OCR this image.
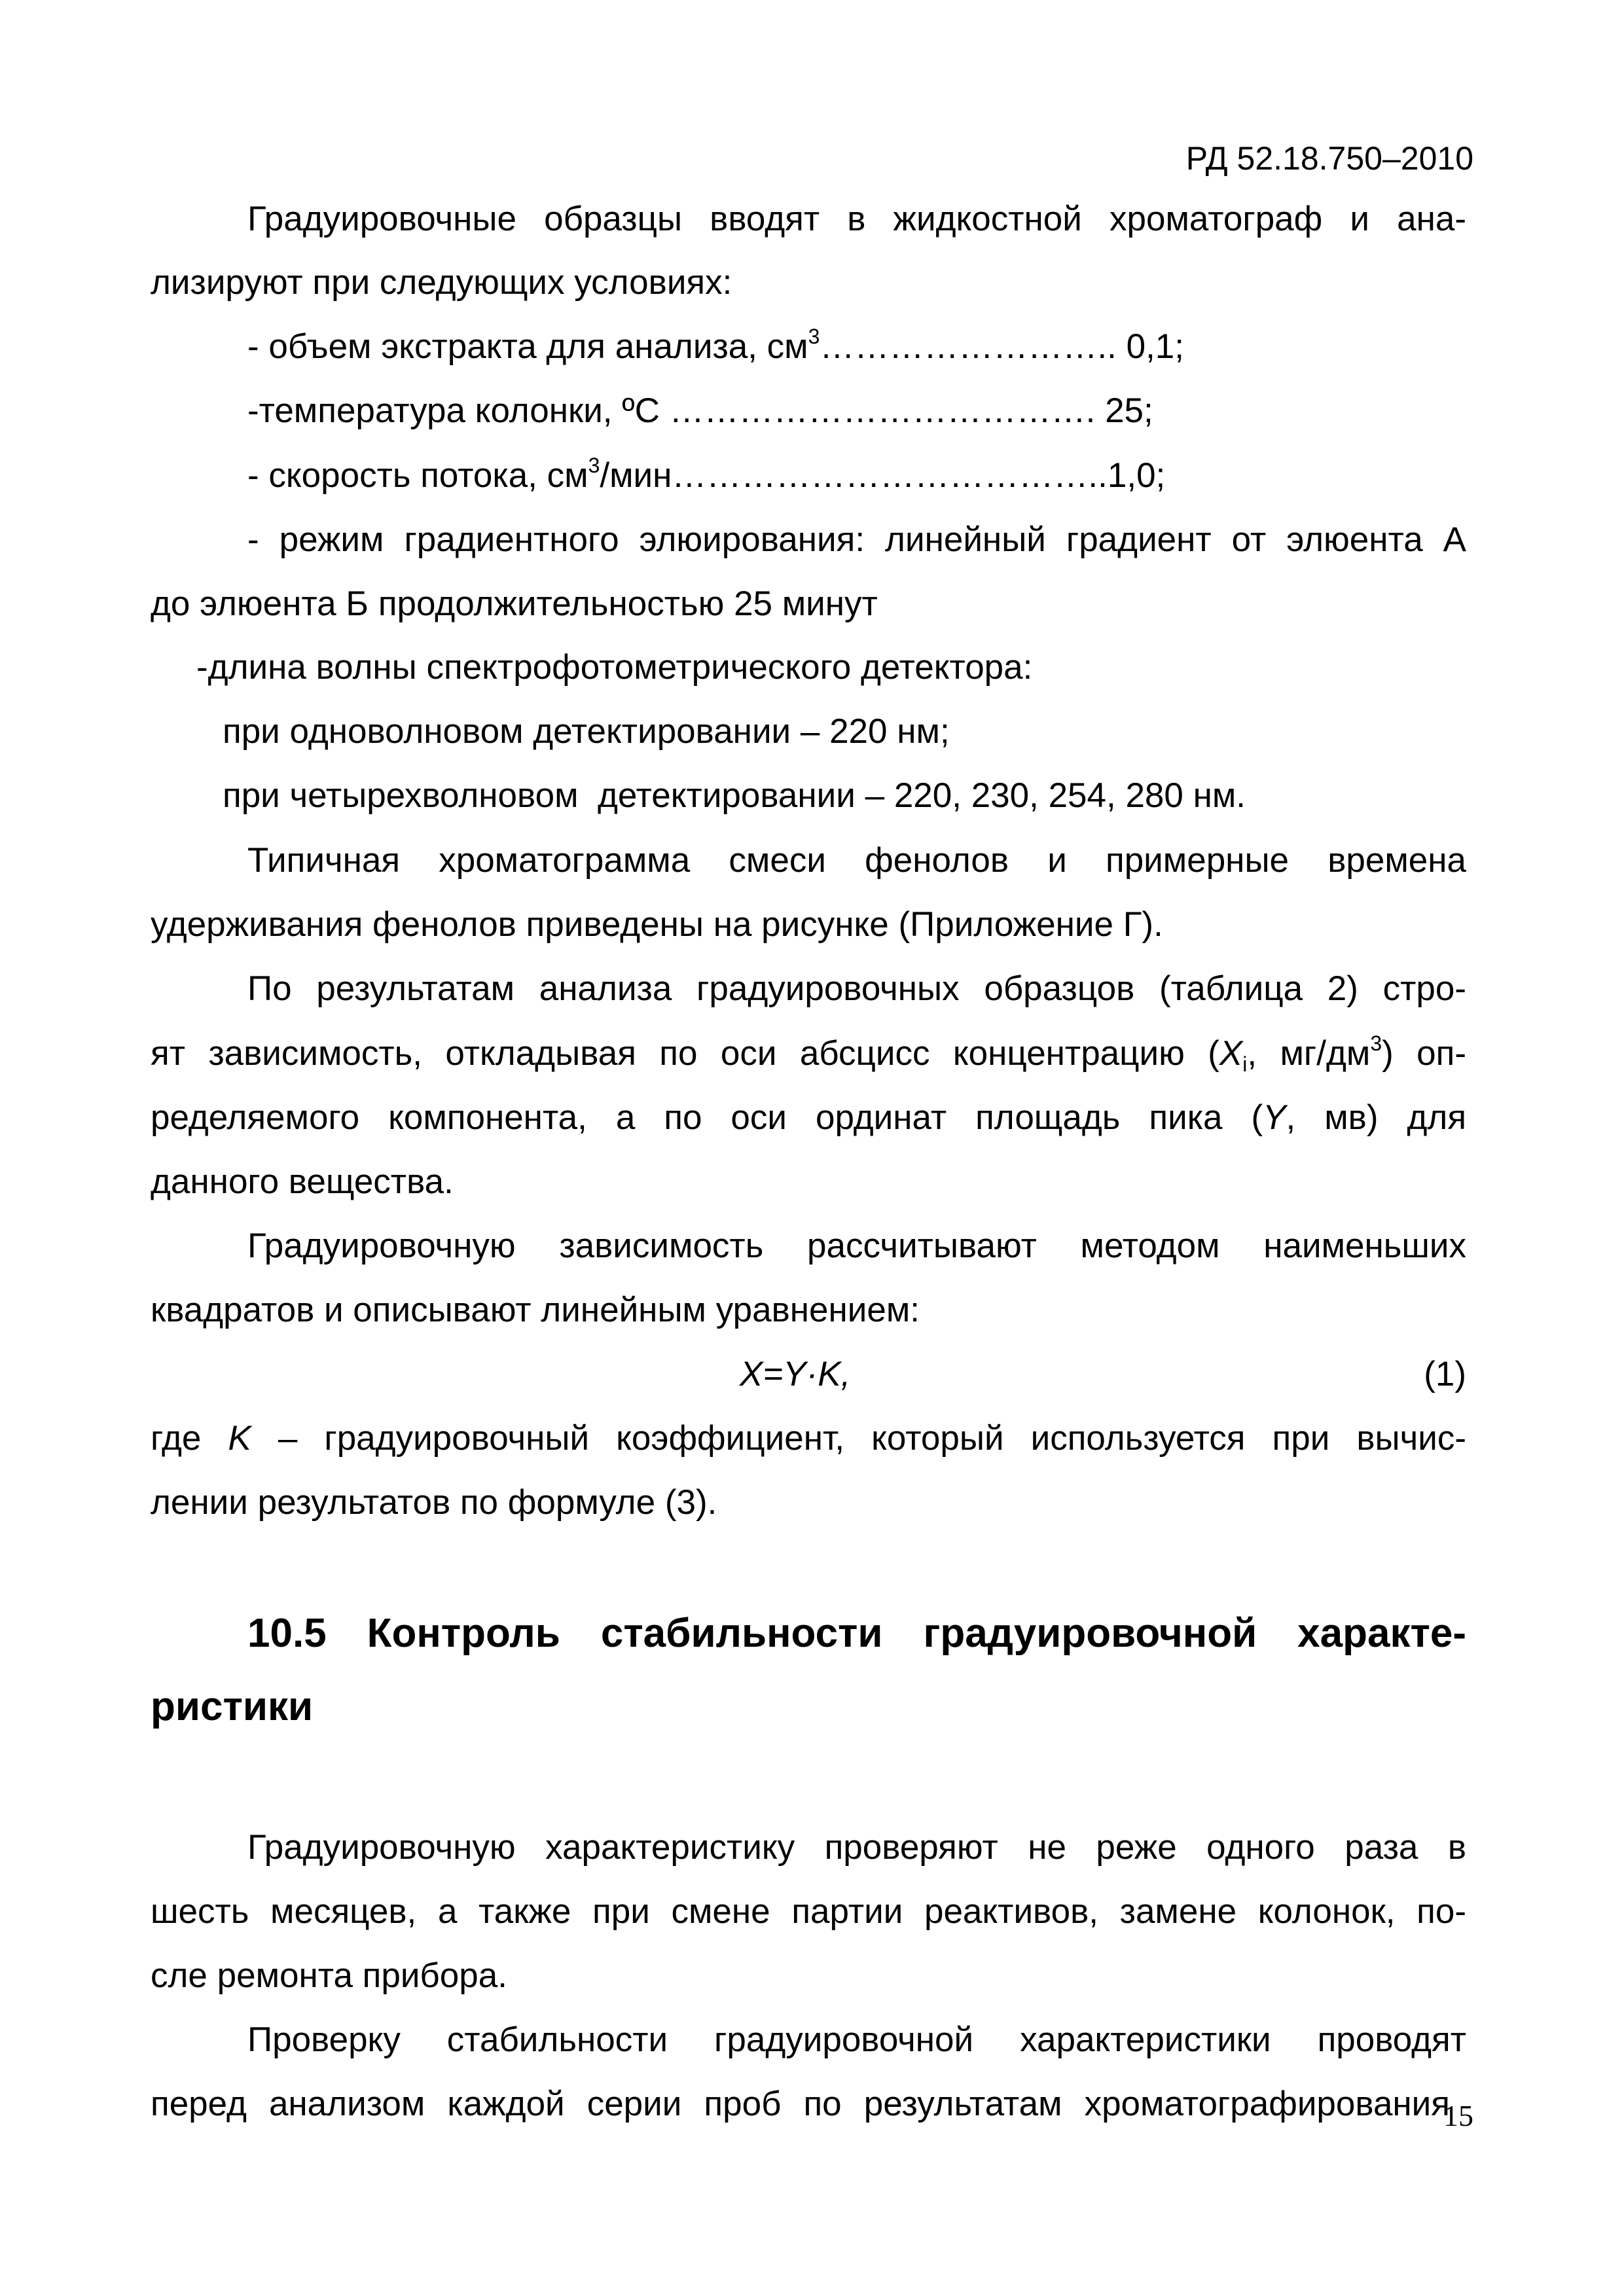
РД 52.18.750–2010
Градуировочные образцы вводят в жидкостной хроматограф и ана-
лизируют при следующих условиях:
- объем экстракта для анализа, $см^3\dots\dots\dots\dots\dots\dots\dots\dots$.. 0,1;
-температура колонки, ºС ………………………………. 25;
- скорость потока, $см^3/мин\dots\dots\dots\dots\dots\dots\dots\dots\dots\dots\dots\dots..1,0$;
- режим градиентного элюирования: линейный градиент от элюента А
до элюента Б продолжительностью 25 минут
-длина волны спектрофотометрического детектора:
при одноволновом детектировании – 220 нм;
при четырехволновом  детектировании – 220, 230, 254, 280 нм.
Типичная хроматограмма смеси фенолов и примерные времена
удерживания фенолов приведены на рисунке (Приложение Г).
По результатам анализа градуировочных образцов (таблица 2) стро-
ят зависимость, откладывая по оси абсцисс концентрацию ($X_i$, $мг/дм^3$) оп-
ределяемого компонента, а по оси ординат площадь пика (Y, мв) для
данного вещества.
Градуировочную зависимость рассчитывают методом наименьших
квадратов и описывают линейным уравнением:

X=Y·K,

	(1)

где K – градуировочный коэффициент, который используется при вычис-
лении результатов по формуле (3).
10.5 Контроль стабильности градуировочной характе-
ристики
Градуировочную характеристику проверяют не реже одного раза в
шесть месяцев, а также при смене партии реактивов, замене колонок, по-
сле ремонта прибора.
Проверку стабильности градуировочной характеристики проводят
перед анализом каждой серии проб по результатам хроматографирования
15
